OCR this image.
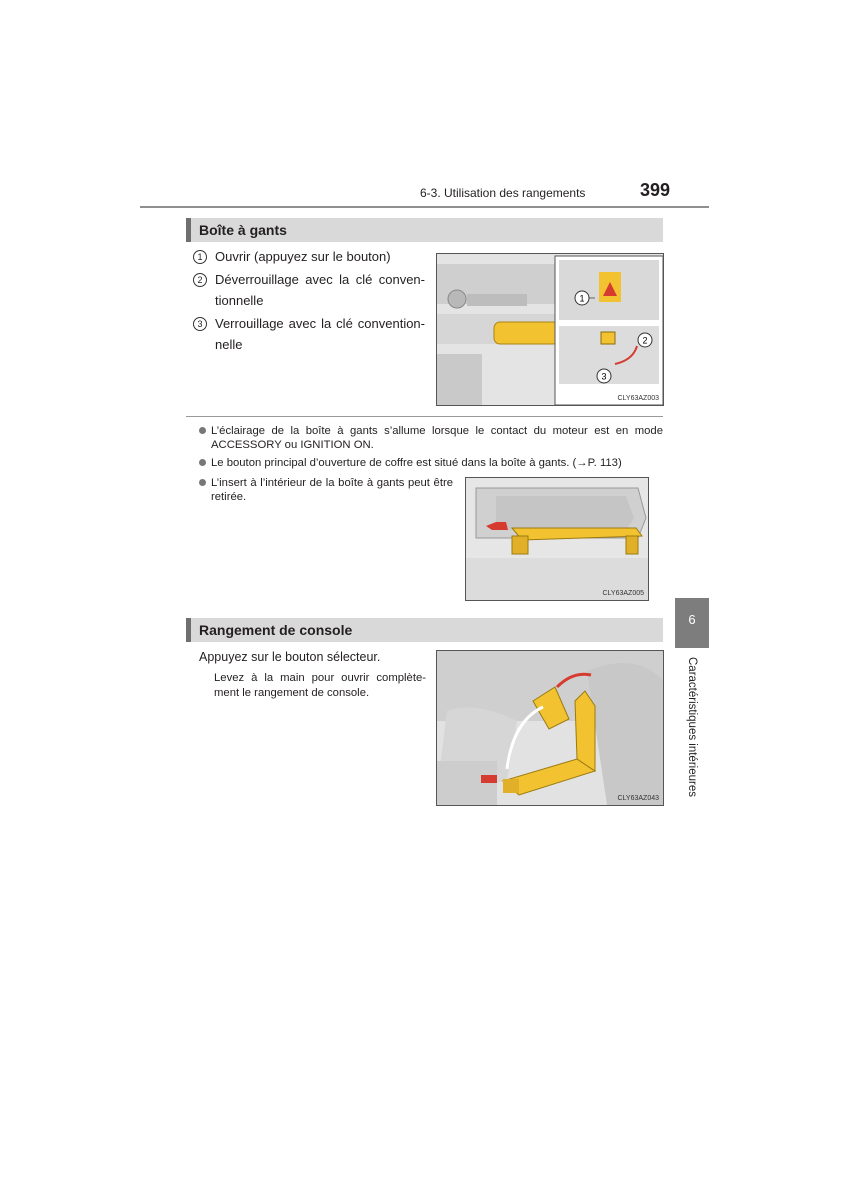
6-3. Utilisation des rangements	399
Boîte à gants
1 Ouvrir (appuyez sur le bouton)
2 Déverrouillage avec la clé conven-tionnelle
3 Verrouillage avec la clé convention-nelle
1
2
3
CLY63AZ003
L’éclairage de la boîte à gants s’allume lorsque le contact du moteur est en mode ACCESSORY ou IGNITION ON.
Le bouton principal d’ouverture de coffre est situé dans la boîte à gants. (→P. 113)
L’insert à l’intérieur de la boîte à gants peut être retirée.
CLY63AZ005
Rangement de console
Appuyez sur le bouton sélecteur.
Levez à la main pour ouvrir complète-ment le rangement de console.
CLY63AZ043
6
Caractéristiques intérieures
